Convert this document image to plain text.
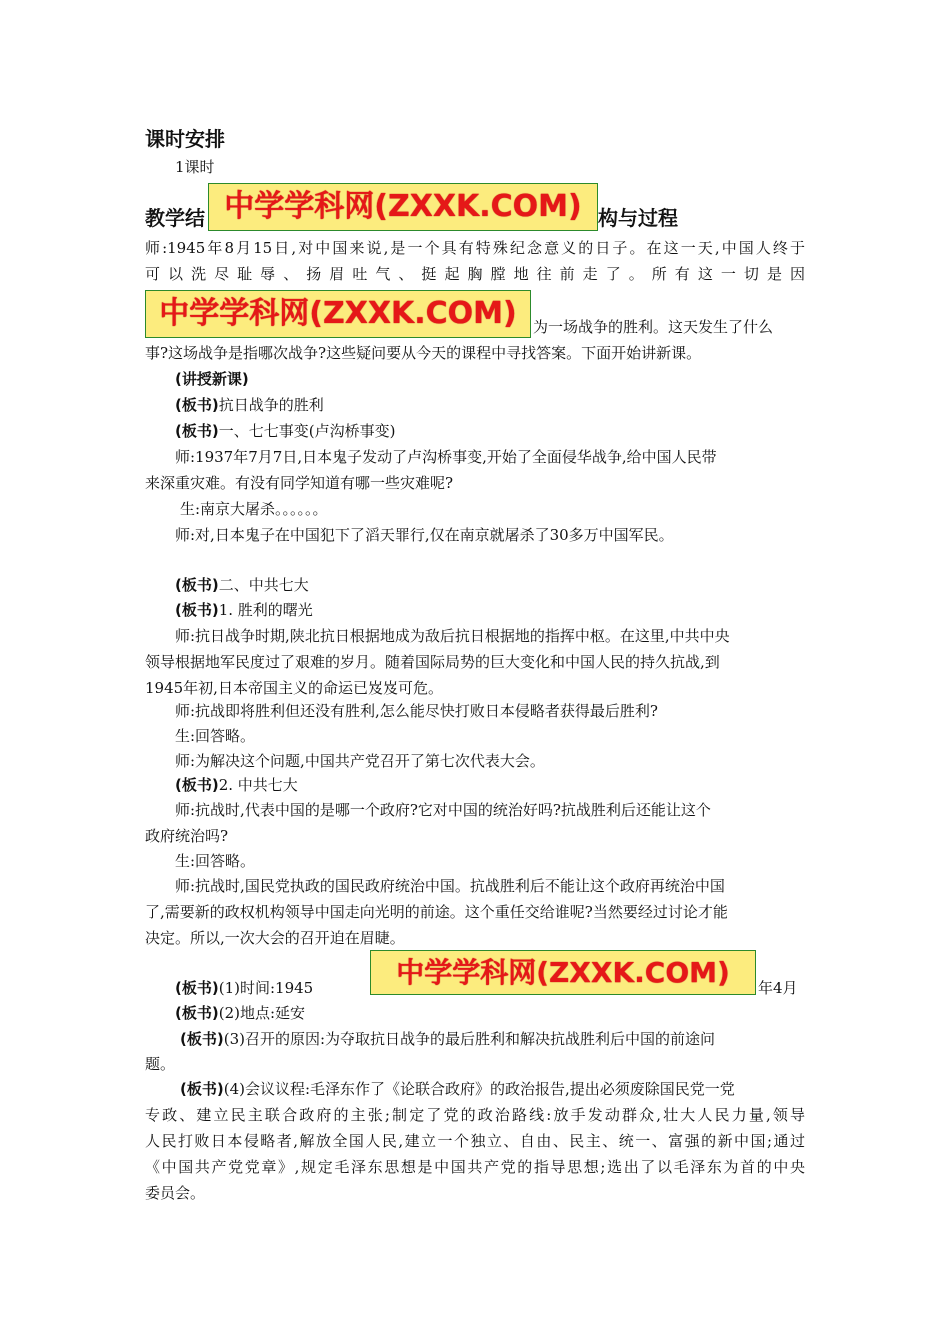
课时安排
1课时
教学结 中学学科网(ZXXK.COM) 构与过程
师:1945年8月15日,对中国来说,是一个具有特殊纪念意义的日子。在这一天,中国人终于
可以洗尽耻辱、扬眉吐气、挺起胸膛地往前走了。所有这一切是因
中学学科网(ZXXK.COM)	为一场战争的胜利。这天发生了什么
事?这场战争是指哪次战争?这些疑问要从今天的课程中寻找答案。下面开始讲新课。
(讲授新课)
(板书)抗日战争的胜利
(板书)一、七七事变(卢沟桥事变)
师:1937年7月7日,日本鬼子发动了卢沟桥事变,开始了全面侵华战争,给中国人民带
来深重灾难。有没有同学知道有哪一些灾难呢?
生:南京大屠杀。。。。。。
师:对,日本鬼子在中国犯下了滔天罪行,仅在南京就屠杀了30多万中国军民。
(板书)二、中共七大
(板书)1. 胜利的曙光
师:抗日战争时期,陕北抗日根据地成为敌后抗日根据地的指挥中枢。在这里,中共中央
领导根据地军民度过了艰难的岁月。随着国际局势的巨大变化和中国人民的持久抗战,到
1945年初,日本帝国主义的命运已岌岌可危。
师:抗战即将胜利但还没有胜利,怎么能尽快打败日本侵略者获得最后胜利?
生:回答略。
师:为解决这个问题,中国共产党召开了第七次代表大会。
(板书)2. 中共七大
师:抗战时,代表中国的是哪一个政府?它对中国的统治好吗?抗战胜利后还能让这个
政府统治吗?
生:回答略。
师:抗战时,国民党执政的国民政府统治中国。抗战胜利后不能让这个政府再统治中国
了,需要新的政权机构领导中国走向光明的前途。这个重任交给谁呢?当然要经过讨论才能
决定。所以,一次大会的召开迫在眉睫。
(板书)(1)时间:1945	中学学科网(ZXXK.COM)	年4月
(板书)(2)地点:延安
(板书)(3)召开的原因:为夺取抗日战争的最后胜利和解决抗战胜利后中国的前途问
题。
(板书)(4)会议议程:毛泽东作了《论联合政府》的政治报告,提出必须废除国民党一党
专政、建立民主联合政府的主张;制定了党的政治路线:放手发动群众,壮大人民力量,领导
人民打败日本侵略者,解放全国人民,建立一个独立、自由、民主、统一、富强的新中国;通过
《中国共产党党章》,规定毛泽东思想是中国共产党的指导思想;选出了以毛泽东为首的中央
委员会。
